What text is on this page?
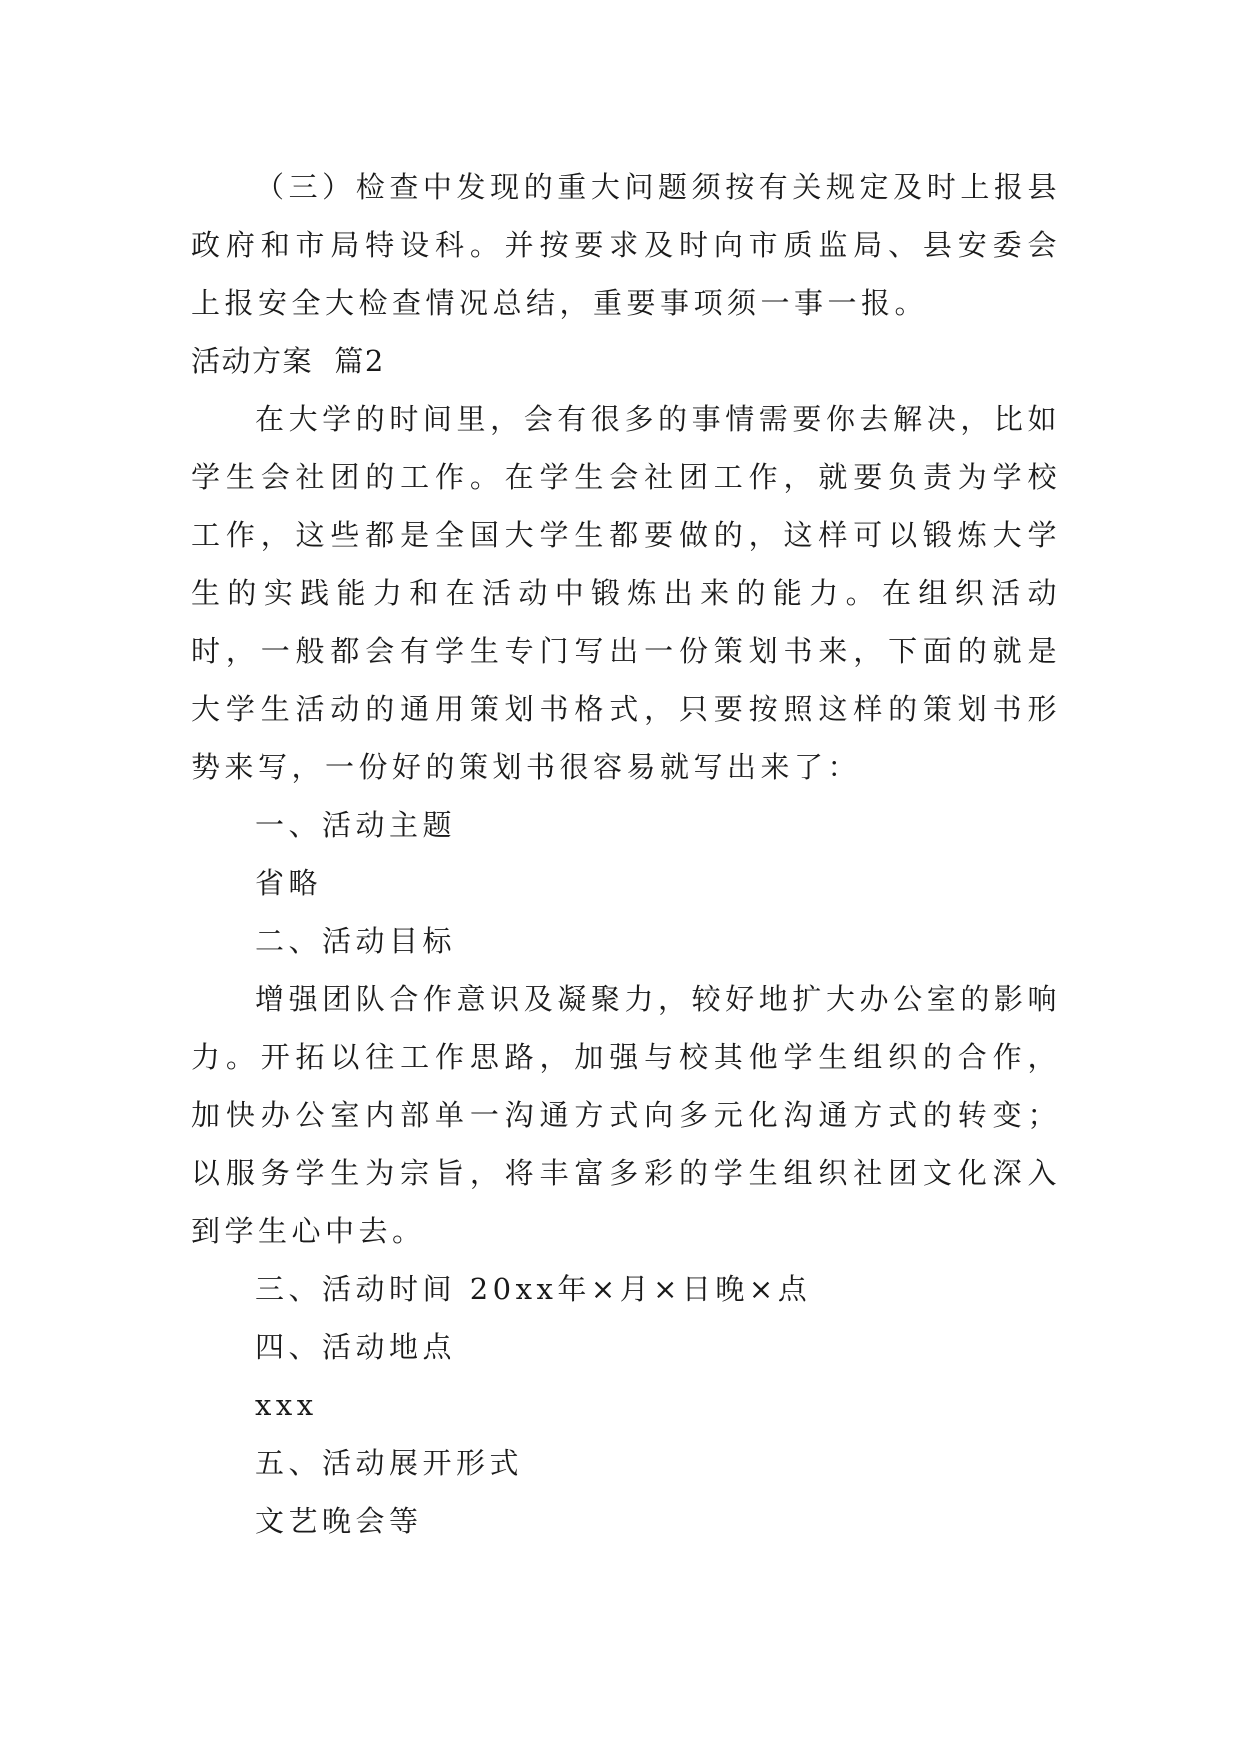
（三）检查中发现的重大问题须按有关规定及时上报县政府和市局特设科。并按要求及时向市质监局、县安委会上报安全大检查情况总结，重要事项须一事一报。

活动方案  篇2

在大学的时间里，会有很多的事情需要你去解决，比如学生会社团的工作。在学生会社团工作，就要负责为学校工作，这些都是全国大学生都要做的，这样可以锻炼大学生的实践能力和在活动中锻炼出来的能力。在组织活动时，一般都会有学生专门写出一份策划书来，下面的就是大学生活动的通用策划书格式，只要按照这样的策划书形势来写，一份好的策划书很容易就写出来了：

一、活动主题

省略

二、活动目标

增强团队合作意识及凝聚力，较好地扩大办公室的影响力。开拓以往工作思路，加强与校其他学生组织的合作，加快办公室内部单一沟通方式向多元化沟通方式的转变；以服务学生为宗旨，将丰富多彩的学生组织社团文化深入到学生心中去。

三、活动时间 20xx年×月×日晚×点

四、活动地点

xxx

五、活动展开形式

文艺晚会等
